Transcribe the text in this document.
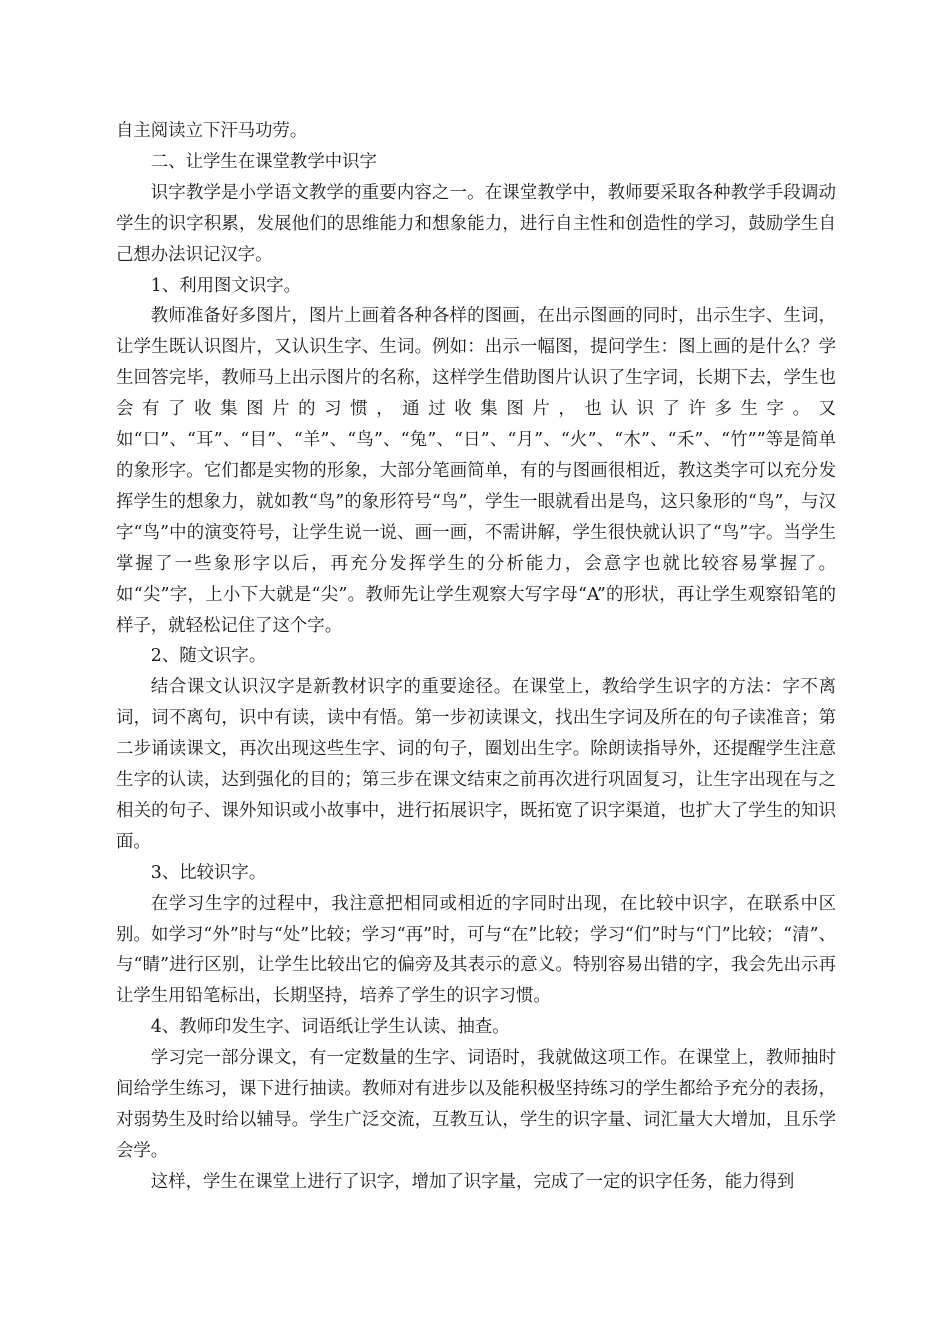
自主阅读立下汗马功劳。

二、让学生在课堂教学中识字

识字教学是小学语文教学的重要内容之一。在课堂教学中，教师要采取各种教学手段调动学生的识字积累，发展他们的思维能力和想象能力，进行自主性和创造性的学习，鼓励学生自己想办法识记汉字。

1、利用图文识字。

教师准备好多图片，图片上画着各种各样的图画，在出示图画的同时，出示生字、生词，让学生既认识图片，又认识生字、生词。例如：出示一幅图，提问学生：图上画的是什么？学生回答完毕，教师马上出示图片的名称，这样学生借助图片认识了生字词，长期下去，学生也会有了收集图片的习惯，通过收集图片，也认识了许多生字。又如“口”、“耳”、“目”、“羊”、“鸟”、“兔”、“日”、“月”、“火”、“木”、“禾”、“竹””等是简单的象形字。它们都是实物的形象，大部分笔画简单，有的与图画很相近，教这类字可以充分发挥学生的想象力，就如教“鸟”的象形符号“鸟”，学生一眼就看出是鸟，这只象形的“鸟”，与汉字“鸟”中的演变符号，让学生说一说、画一画，不需讲解，学生很快就认识了“鸟”字。当学生掌握了一些象形字以后，再充分发挥学生的分析能力，会意字也就比较容易掌握了。如“尖”字，上小下大就是“尖”。教师先让学生观察大写字母“A”的形状，再让学生观察铅笔的样子，就轻松记住了这个字。

2、随文识字。

结合课文认识汉字是新教材识字的重要途径。在课堂上，教给学生识字的方法：字不离词，词不离句，识中有读，读中有悟。第一步初读课文，找出生字词及所在的句子读准音；第二步诵读课文，再次出现这些生字、词的句子，圈划出生字。除朗读指导外，还提醒学生注意生字的认读，达到强化的目的；第三步在课文结束之前再次进行巩固复习，让生字出现在与之相关的句子、课外知识或小故事中，进行拓展识字，既拓宽了识字渠道，也扩大了学生的知识面。

3、比较识字。

在学习生字的过程中，我注意把相同或相近的字同时出现，在比较中识字，在联系中区别。如学习“外”时与“处”比较；学习“再”时，可与“在”比较；学习“们”时与“门”比较；“清”、与“睛”进行区别，让学生比较出它的偏旁及其表示的意义。特别容易出错的字，我会先出示再让学生用铅笔标出，长期坚持，培养了学生的识字习惯。

4、教师印发生字、词语纸让学生认读、抽查。

学习完一部分课文，有一定数量的生字、词语时，我就做这项工作。在课堂上，教师抽时间给学生练习，课下进行抽读。教师对有进步以及能积极坚持练习的学生都给予充分的表扬，对弱势生及时给以辅导。学生广泛交流，互教互认，学生的识字量、词汇量大大增加，且乐学会学。

这样，学生在课堂上进行了识字，增加了识字量，完成了一定的识字任务，能力得到
